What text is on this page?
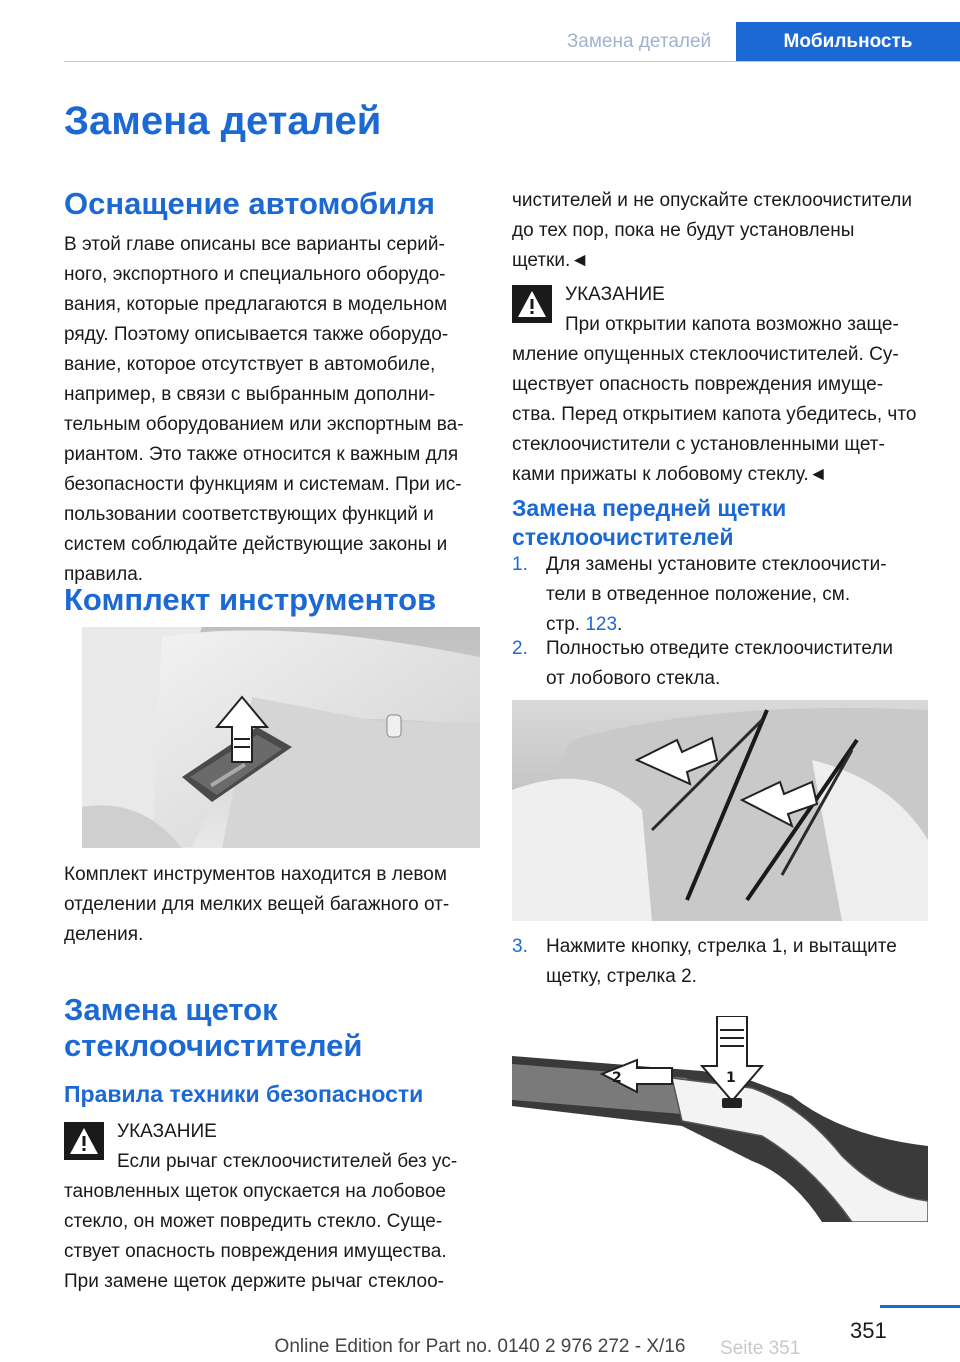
Замена деталей	Мобильность
Замена деталей
Оснащение автомобиля
В этой главе описаны все варианты серий-
ного, экспортного и специального оборудо-
вания, которые предлагаются в модельном
ряду. Поэтому описывается также оборудо-
вание, которое отсутствует в автомобиле,
например, в связи с выбранным дополни-
тельным оборудованием или экспортным ва-
риантом. Это также относится к важным для
безопасности функциям и системам. При ис-
пользовании соответствующих функций и
систем соблюдайте действующие законы и
правила.
Комплект инструментов
Комплект инструментов находится в левом
отделении для мелких вещей багажного от-
деления.
Замена щеток
стеклоочистителей
Правила техники безопасности
УКАЗАНИЕ
Если рычаг стеклоочистителей без ус-
тановленных щеток опускается на лобовое
стекло, он может повредить стекло. Суще-
ствует опасность повреждения имущества.
При замене щеток держите рычаг стеклоо-
чистителей и не опускайте стеклоочистители
до тех пор, пока не будут установлены
щетки.◄
УКАЗАНИЕ
При открытии капота возможно заще-
мление опущенных стеклоочистителей. Су-
ществует опасность повреждения имуще-
ства. Перед открытием капота убедитесь, что
стеклоочистители с установленными щет-
ками прижаты к лобовому стеклу.◄
Замена передней щетки
стеклоочистителей
1. Для замены установите стеклоочисти-
тели в отведенное положение, см.
стр. 123.
2. Полностью отведите стеклоочистители
от лобового стекла.
3. Нажмите кнопку, стрелка 1, и вытащите
щетку, стрелка 2.
2	1
351
Online Edition for Part no. 0140 2 976 272 - X/16 Seite 351
